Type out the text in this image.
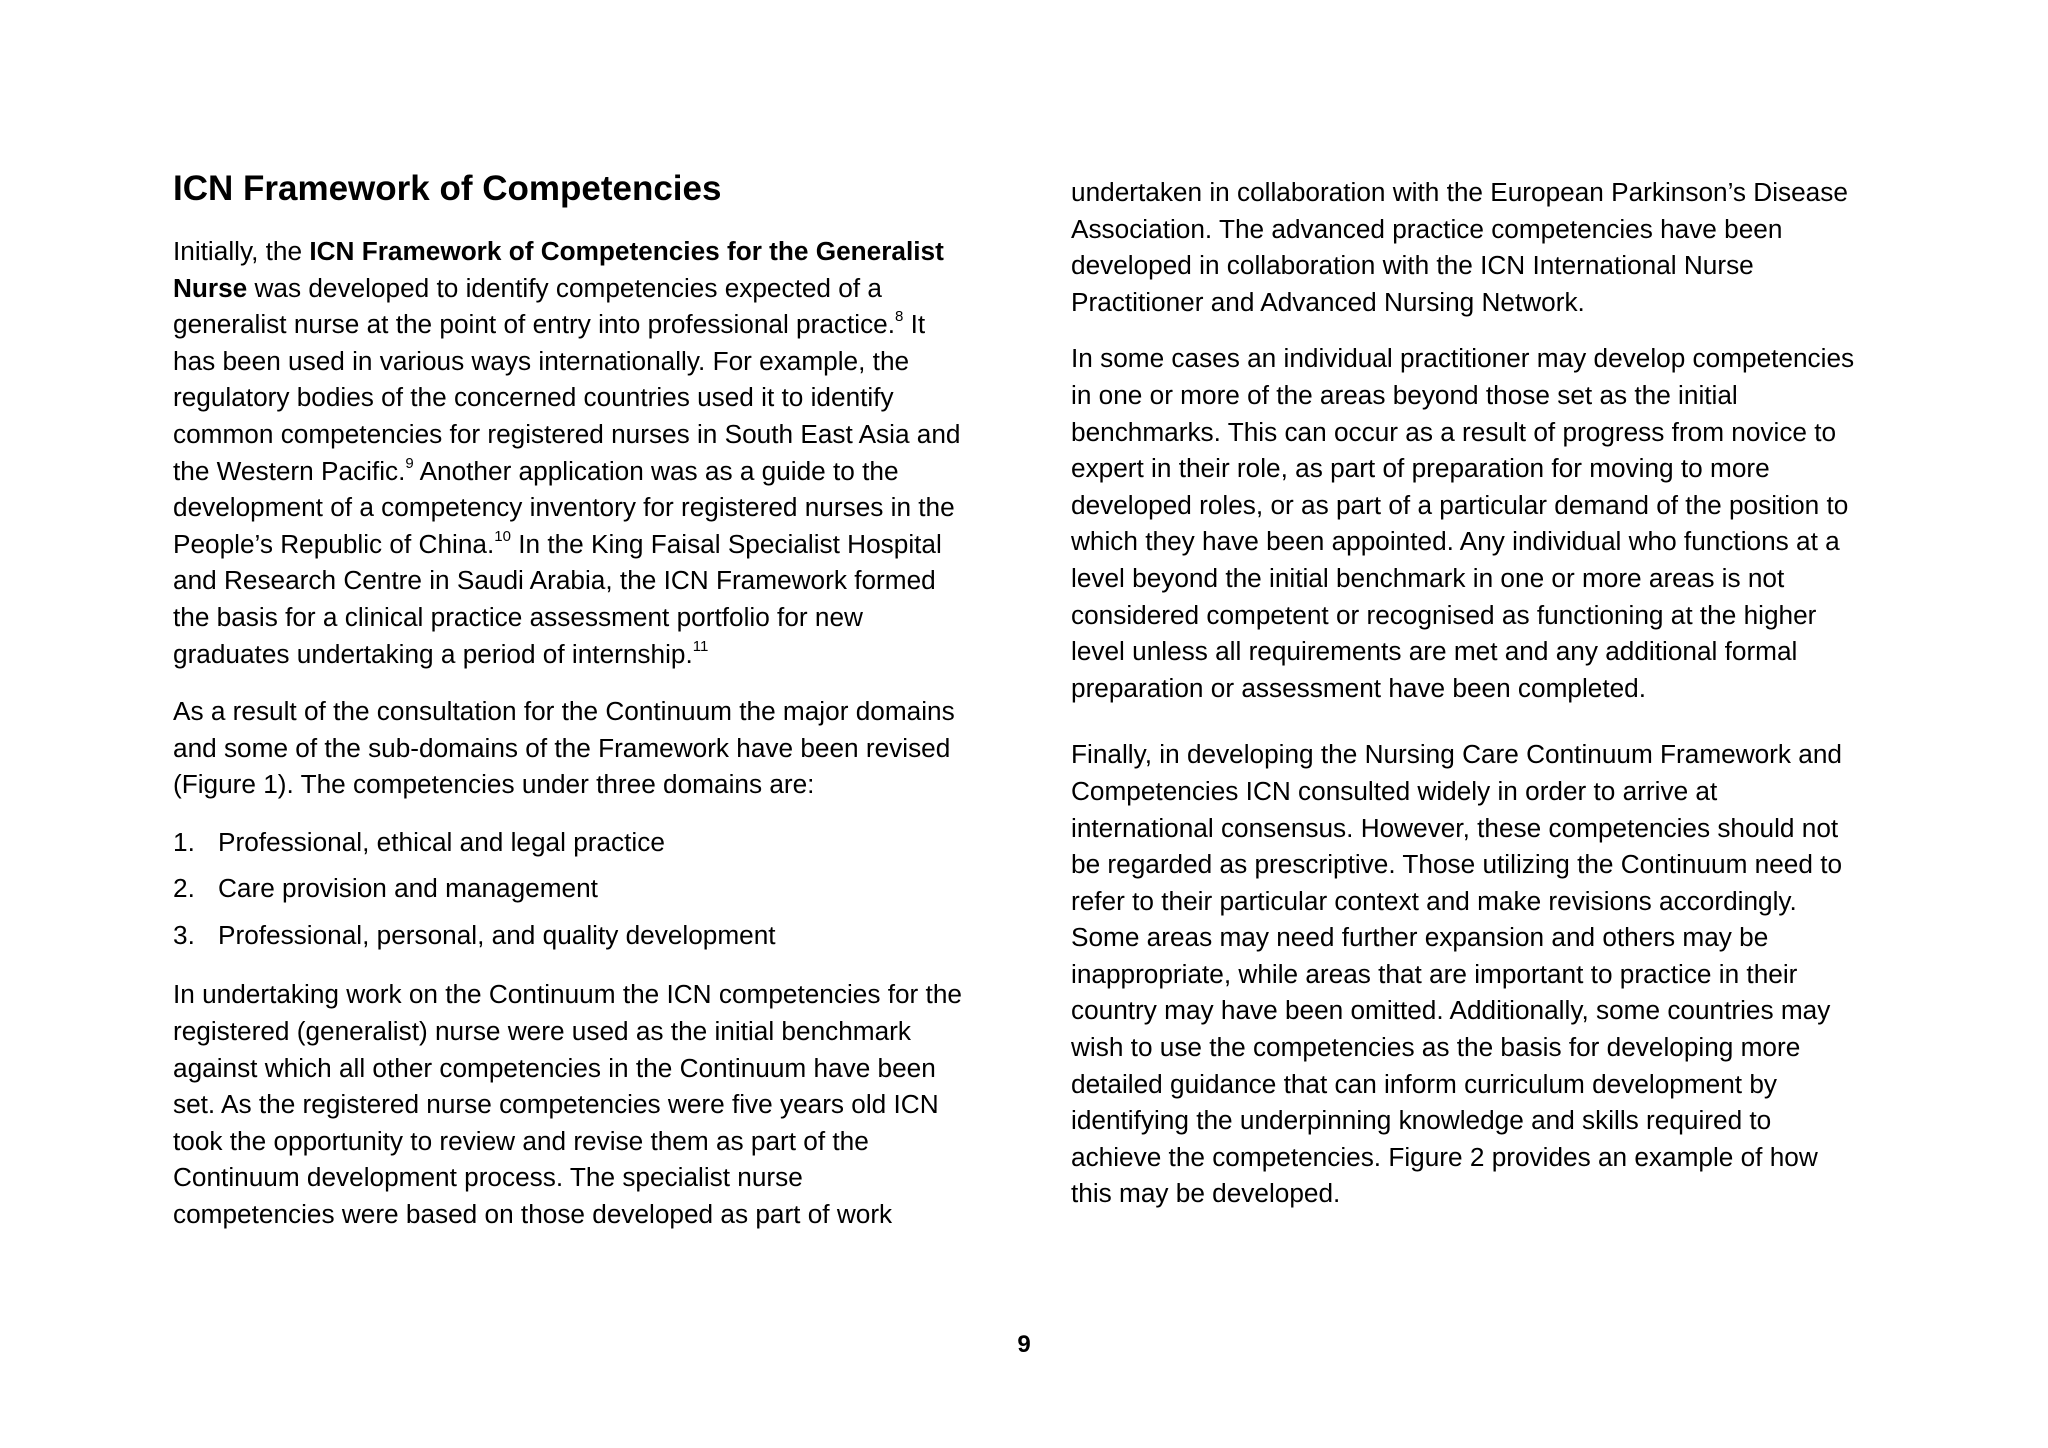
ICN Framework of Competencies

Initially, the ICN Framework of Competencies for the Generalist
Nurse was developed to identify competencies expected of a
generalist nurse at the point of entry into professional practice.$^8$ It
has been used in various ways internationally. For example, the
regulatory bodies of the concerned countries used it to identify
common competencies for registered nurses in South East Asia and
the Western Pacific.$^9$ Another application was as a guide to the
development of a competency inventory for registered nurses in the
People’s Republic of China.$^{10}$ In the King Faisal Specialist Hospital
and Research Centre in Saudi Arabia, the ICN Framework formed
the basis for a clinical practice assessment portfolio for new
graduates undertaking a period of internship.$^{11}$

As a result of the consultation for the Continuum the major domains
and some of the sub-domains of the Framework have been revised
(Figure 1). The competencies under three domains are:

1. Professional, ethical and legal practice
2. Care provision and management
3. Professional, personal, and quality development

In undertaking work on the Continuum the ICN competencies for the
registered (generalist) nurse were used as the initial benchmark
against which all other competencies in the Continuum have been
set. As the registered nurse competencies were five years old ICN
took the opportunity to review and revise them as part of the
Continuum development process. The specialist nurse
competencies were based on those developed as part of work

undertaken in collaboration with the European Parkinson’s Disease
Association. The advanced practice competencies have been
developed in collaboration with the ICN International Nurse
Practitioner and Advanced Nursing Network.

In some cases an individual practitioner may develop competencies
in one or more of the areas beyond those set as the initial
benchmarks. This can occur as a result of progress from novice to
expert in their role, as part of preparation for moving to more
developed roles, or as part of a particular demand of the position to
which they have been appointed. Any individual who functions at a
level beyond the initial benchmark in one or more areas is not
considered competent or recognised as functioning at the higher
level unless all requirements are met and any additional formal
preparation or assessment have been completed.

Finally, in developing the Nursing Care Continuum Framework and
Competencies ICN consulted widely in order to arrive at
international consensus. However, these competencies should not
be regarded as prescriptive. Those utilizing the Continuum need to
refer to their particular context and make revisions accordingly.
Some areas may need further expansion and others may be
inappropriate, while areas that are important to practice in their
country may have been omitted. Additionally, some countries may
wish to use the competencies as the basis for developing more
detailed guidance that can inform curriculum development by
identifying the underpinning knowledge and skills required to
achieve the competencies. Figure 2 provides an example of how
this may be developed.

9
